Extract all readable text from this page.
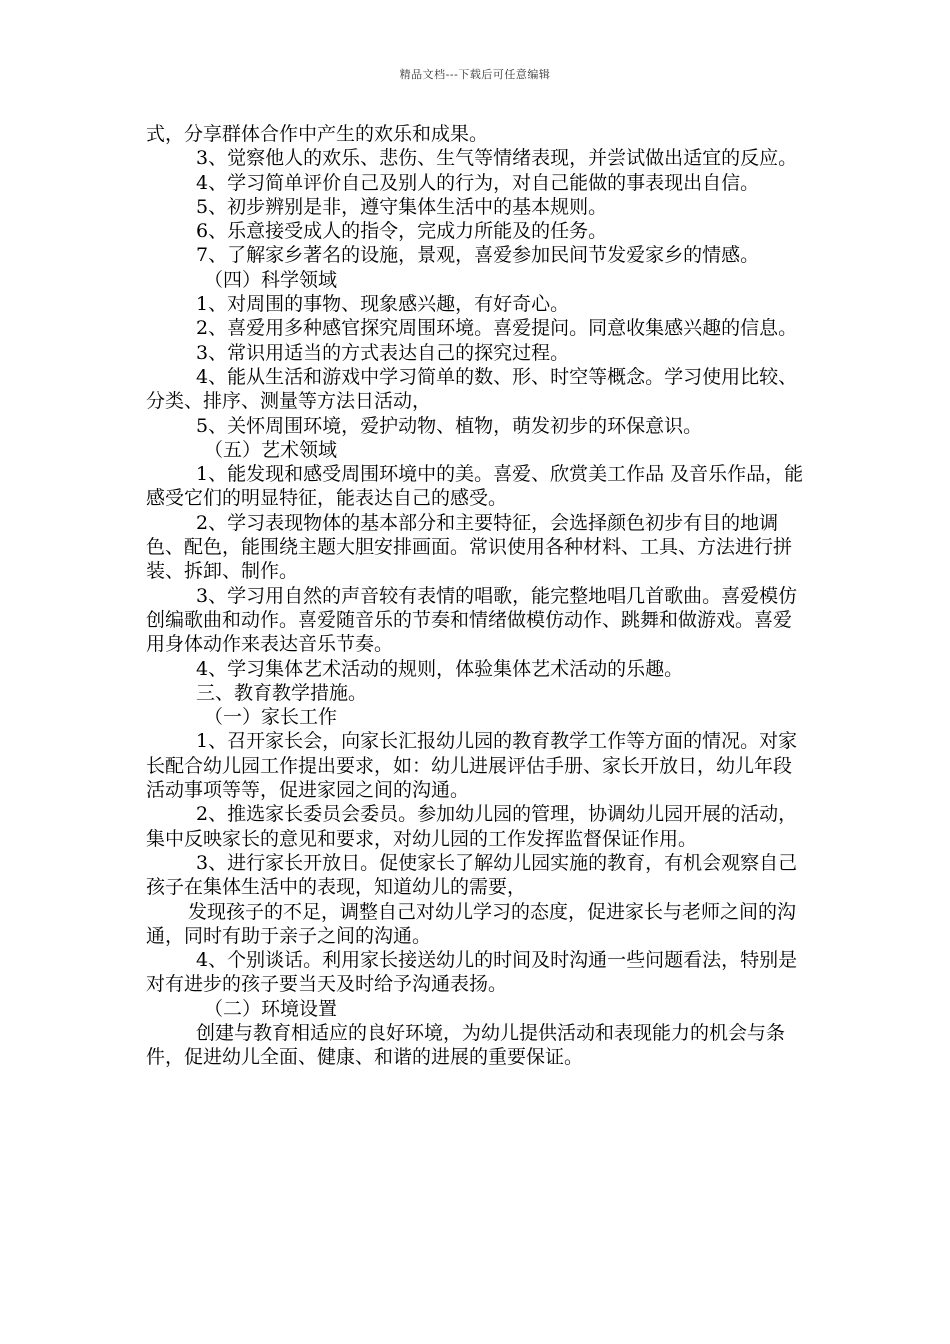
精品文档---下载后可任意编辑

式，分享群体合作中产生的欢乐和成果。

3、觉察他人的欢乐、悲伤、生气等情绪表现，并尝试做出适宜的反应。

4、学习简单评价自己及别人的行为，对自己能做的事表现出自信。

5、初步辨别是非，遵守集体生活中的基本规则。

6、乐意接受成人的指令，完成力所能及的任务。

7、了解家乡著名的设施，景观，喜爱参加民间节发爱家乡的情感。

（四）科学领域

1、对周围的事物、现象感兴趣，有好奇心。

2、喜爱用多种感官探究周围环境。喜爱提问。同意收集感兴趣的信息。

3、常识用适当的方式表达自己的探究过程。

4、能从生活和游戏中学习简单的数、形、时空等概念。学习使用比较、分类、排序、测量等方法日活动，

5、关怀周围环境，爱护动物、植物，萌发初步的环保意识。

（五）艺术领域

1、能发现和感受周围环境中的美。喜爱、欣赏美工作品 及音乐作品，能感受它们的明显特征，能表达自己的感受。

2、学习表现物体的基本部分和主要特征，会选择颜色初步有目的地调色、配色，能围绕主题大胆安排画面。常识使用各种材料、工具、方法进行拼装、拆卸、制作。

3、学习用自然的声音较有表情的唱歌，能完整地唱几首歌曲。喜爱模仿创编歌曲和动作。喜爱随音乐的节奏和情绪做模仿动作、跳舞和做游戏。喜爱用身体动作来表达音乐节奏。

4、学习集体艺术活动的规则，体验集体艺术活动的乐趣。

三、教育教学措施。

（一）家长工作

1、召开家长会，向家长汇报幼儿园的教育教学工作等方面的情况。对家长配合幼儿园工作提出要求，如：幼儿进展评估手册、家长开放日，幼儿年段活动事项等等，促进家园之间的沟通。

2、推选家长委员会委员。参加幼儿园的管理，协调幼儿园开展的活动，集中反映家长的意见和要求，对幼儿园的工作发挥监督保证作用。

3、进行家长开放日。促使家长了解幼儿园实施的教育，有机会观察自己孩子在集体生活中的表现，知道幼儿的需要，

发现孩子的不足，调整自己对幼儿学习的态度，促进家长与老师之间的沟通，同时有助于亲子之间的沟通。

4、个别谈话。利用家长接送幼儿的时间及时沟通一些问题看法，特别是对有进步的孩子要当天及时给予沟通表扬。

（二）环境设置

创建与教育相适应的良好环境，为幼儿提供活动和表现能力的机会与条件，促进幼儿全面、健康、和谐的进展的重要保证。
